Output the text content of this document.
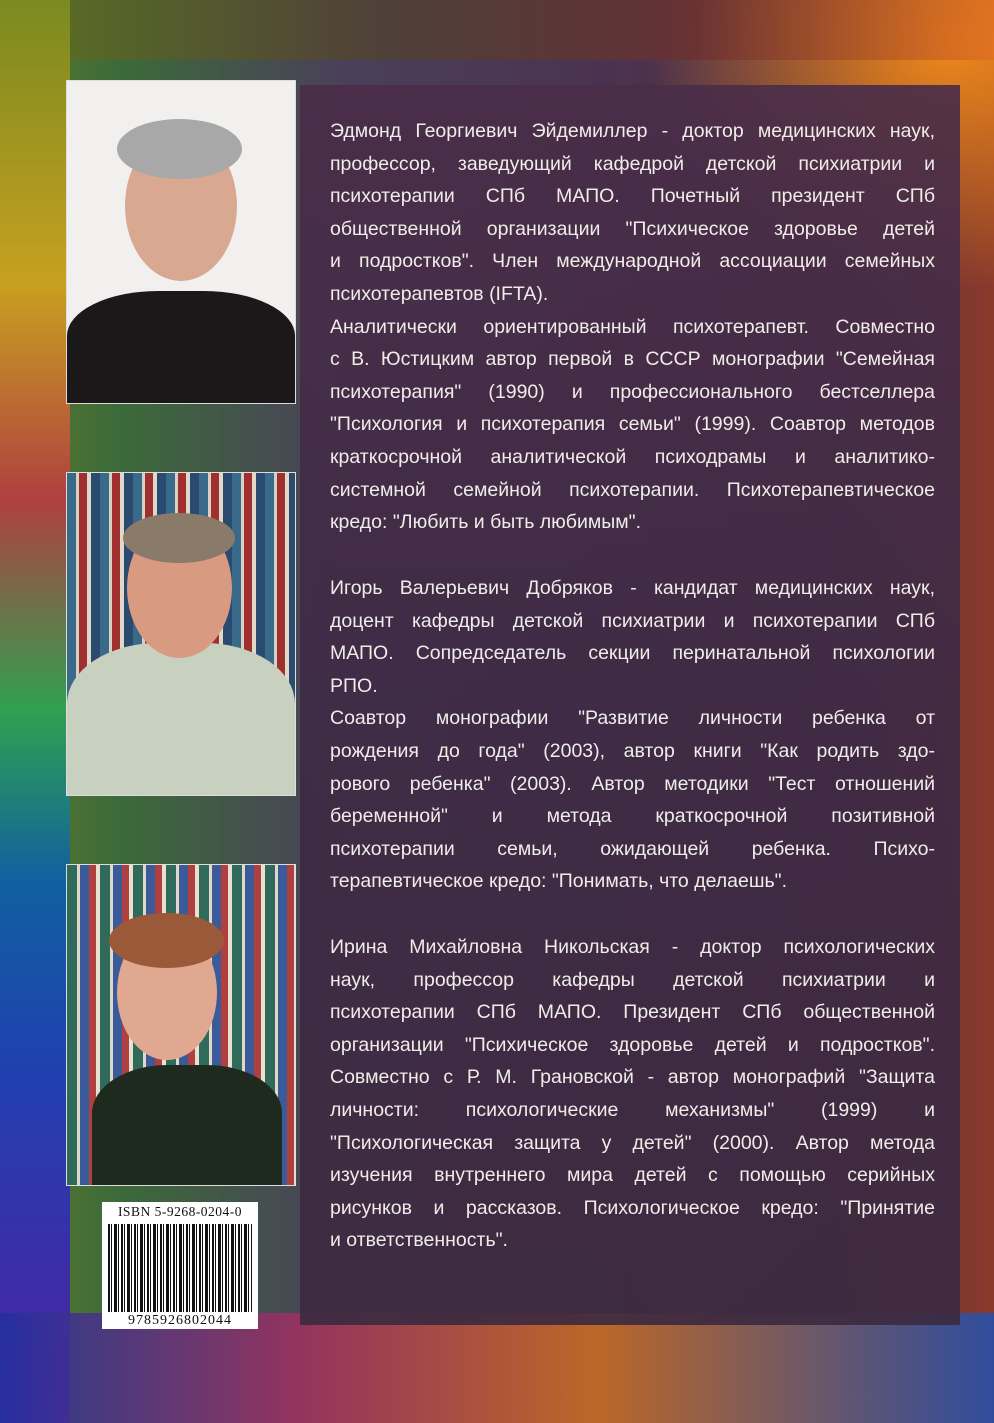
Эдмонд Георгиевич Эйдемиллер - доктор медицинских наук,
профессор, заведующий кафедрой детской психиатрии и
психотерапии СПб МАПО. Почетный президент СПб
общественной организации "Психическое здоровье детей
и подростков". Член международной ассоциации семейных
психотерапевтов (IFTA).
Аналитически ориентированный психотерапевт. Совместно
с В. Юстицким автор первой в СССР монографии "Семейная
психотерапия" (1990) и профессионального бестселлера
"Психология и психотерапия семьи" (1999). Соавтор методов
краткосрочной аналитической психодрамы и аналитико-
системной семейной психотерапии. Психотерапевтическое
кредо: "Любить и быть любимым".
Игорь Валерьевич Добряков - кандидат медицинских наук,
доцент кафедры детской психиатрии и психотерапии СПб
МАПО. Сопредседатель секции перинатальной психологии
РПО.
Соавтор монографии "Развитие личности ребенка от
рождения до года" (2003), автор книги "Как родить здо-
рового ребенка" (2003). Автор методики "Тест отношений
беременной" и метода краткосрочной позитивной
психотерапии семьи, ожидающей ребенка. Психо-
терапевтическое кредо: "Понимать, что делаешь".
Ирина Михайловна Никольская - доктор психологических
наук, профессор кафедры детской психиатрии и
психотерапии СПб МАПО. Президент СПб общественной
организации "Психическое здоровье детей и подростков".
Совместно с Р. М. Грановской - автор монографий "Защита
личности: психологические механизмы" (1999) и
"Психологическая защита у детей" (2000). Автор метода
изучения внутреннего мира детей с помощью серийных
рисунков и рассказов. Психологическое кредо: "Принятие
и ответственность".
ISBN 5-9268-0204-0
9785926802044
